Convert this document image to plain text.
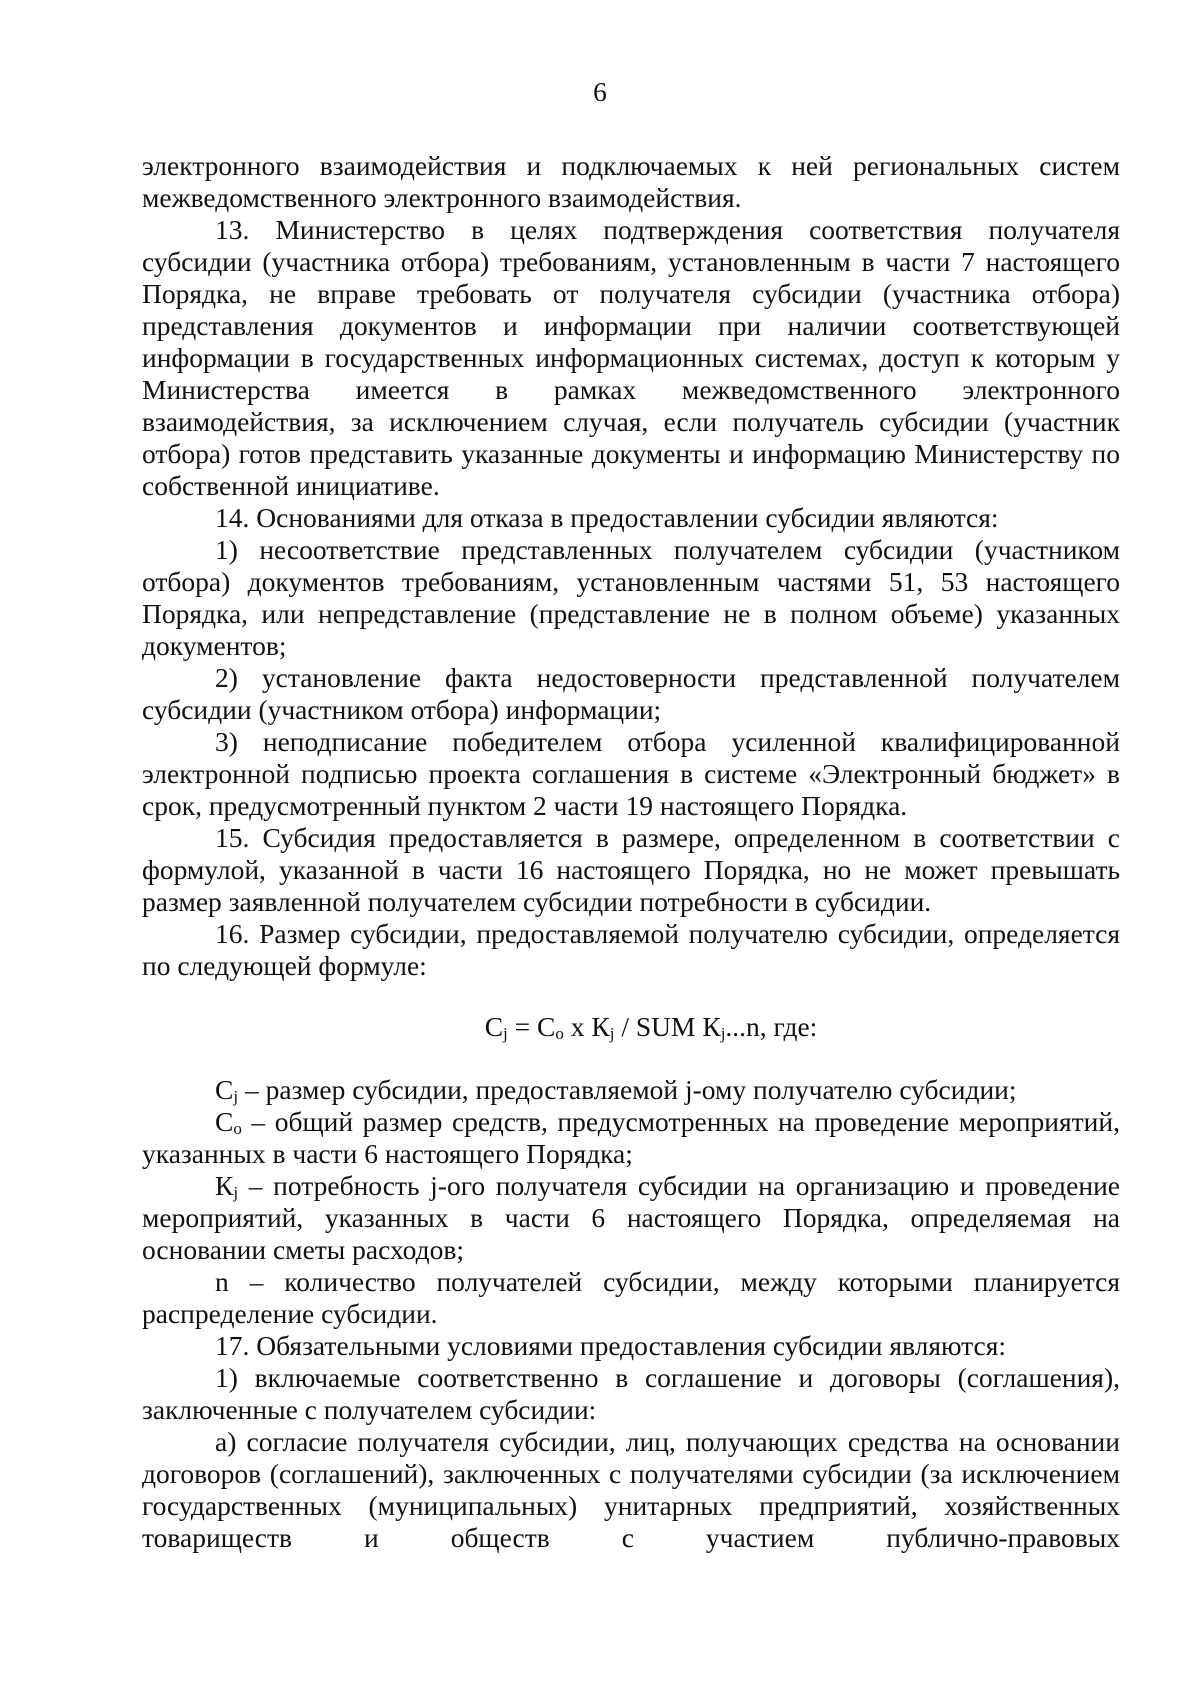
6

электронного взаимодействия и подключаемых к ней региональных систем межведомственного электронного взаимодействия.

13. Министерство в целях подтверждения соответствия получателя субсидии (участника отбора) требованиям, установленным в части 7 настоящего Порядка, не вправе требовать от получателя субсидии (участника отбора) представления документов и информации при наличии соответствующей информации в государственных информационных системах, доступ к которым у Министерства имеется в рамках межведомственного электронного взаимодействия, за исключением случая, если получатель субсидии (участник отбора) готов представить указанные документы и информацию Министерству по собственной инициативе.

14. Основаниями для отказа в предоставлении субсидии являются:

1) несоответствие представленных получателем субсидии (участником отбора) документов требованиям, установленным частями 51, 53 настоящего Порядка, или непредставление (представление не в полном объеме) указанных документов;

2) установление факта недостоверности представленной получателем субсидии (участником отбора) информации;

3) неподписание победителем отбора усиленной квалифицированной электронной подписью проекта соглашения в системе «Электронный бюджет» в срок, предусмотренный пунктом 2 части 19 настоящего Порядка.

15. Субсидия предоставляется в размере, определенном в соответствии с формулой, указанной в части 16 настоящего Порядка, но не может превышать размер заявленной получателем субсидии потребности в субсидии.

16. Размер субсидии, предоставляемой получателю субсидии, определяется по следующей формуле:

$C_j = C_o$ x $К_j$ / SUM $К_j...n$, где:

$C_j$ – размер субсидии, предоставляемой j-ому получателю субсидии;

$C_o$ – общий размер средств, предусмотренных на проведение мероприятий, указанных в части 6 настоящего Порядка;

$К_j$ – потребность j-ого получателя субсидии на организацию и проведение мероприятий, указанных в части 6 настоящего Порядка, определяемая на основании сметы расходов;

n – количество получателей субсидии, между которыми планируется распределение субсидии.

17. Обязательными условиями предоставления субсидии являются:

1) включаемые соответственно в соглашение и договоры (соглашения), заключенные с получателем субсидии:

а) согласие получателя субсидии, лиц, получающих средства на основании договоров (соглашений), заключенных с получателями субсидии (за исключением государственных (муниципальных) унитарных предприятий, хозяйственных товариществ и обществ с участием публично-правовых
